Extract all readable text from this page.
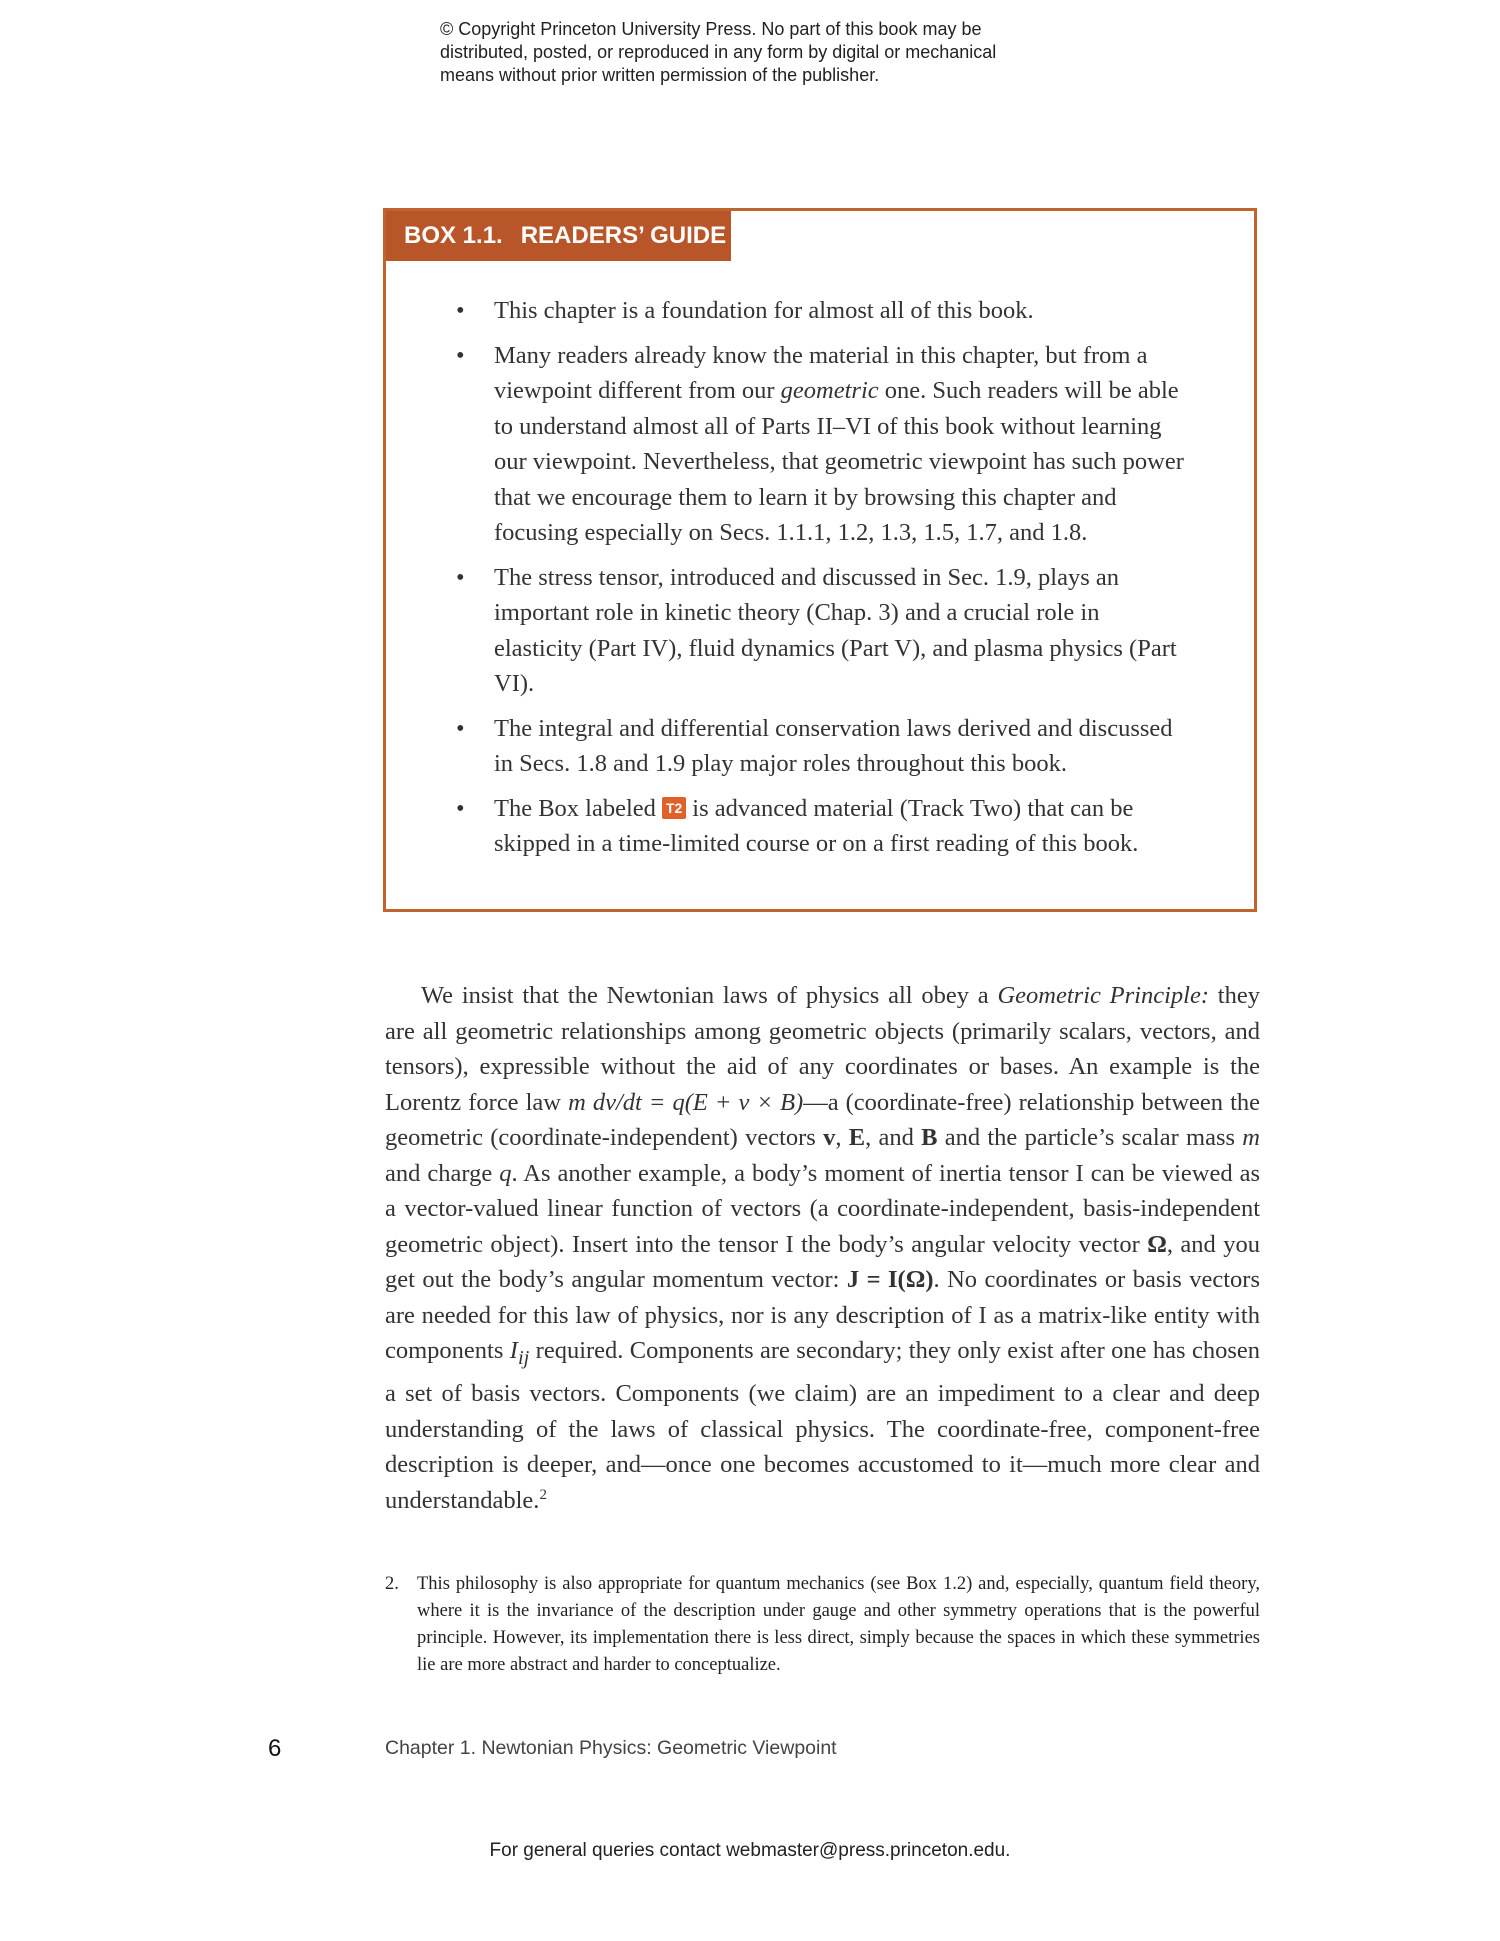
© Copyright Princeton University Press. No part of this book may be
distributed, posted, or reproduced in any form by digital or mechanical
means without prior written permission of the publisher.
BOX 1.1. READERS’ GUIDE
• This chapter is a foundation for almost all of this book.
• Many readers already know the material in this chapter, but from a viewpoint different from our geometric one. Such readers will be able to understand almost all of Parts II–VI of this book without learning our viewpoint. Nevertheless, that geometric viewpoint has such power that we encourage them to learn it by browsing this chapter and focusing especially on Secs. 1.1.1, 1.2, 1.3, 1.5, 1.7, and 1.8.
• The stress tensor, introduced and discussed in Sec. 1.9, plays an important role in kinetic theory (Chap. 3) and a crucial role in elasticity (Part IV), fluid dynamics (Part V), and plasma physics (Part VI).
• The integral and differential conservation laws derived and discussed in Secs. 1.8 and 1.9 play major roles throughout this book.
• The Box labeled T2 is advanced material (Track Two) that can be skipped in a time-limited course or on a first reading of this book.

We insist that the Newtonian laws of physics all obey a Geometric Principle: they are all geometric relationships among geometric objects (primarily scalars, vectors, and tensors), expressible without the aid of any coordinates or bases. An example is the Lorentz force law m dv/dt = q(E + v × B)—a (coordinate-free) relationship between the geometric (coordinate-independent) vectors v, E, and B and the particle’s scalar mass m and charge q. As another example, a body’s moment of inertia tensor I can be viewed as a vector-valued linear function of vectors (a coordinate-independent, basis-independent geometric object). Insert into the tensor I the body’s angular velocity vector Ω, and you get out the body’s angular momentum vector: J = I(Ω). No coordinates or basis vectors are needed for this law of physics, nor is any description of I as a matrix-like entity with components $I_{ij}$ required. Components are secondary; they only exist after one has chosen a set of basis vectors. Components (we claim) are an impediment to a clear and deep understanding of the laws of classical physics. The coordinate-free, component-free description is deeper, and—once one becomes accustomed to it—much more clear and understandable.$^2$

2. This philosophy is also appropriate for quantum mechanics (see Box 1.2) and, especially, quantum field theory, where it is the invariance of the description under gauge and other symmetry operations that is the powerful principle. However, its implementation there is less direct, simply because the spaces in which these symmetries lie are more abstract and harder to conceptualize.

6	Chapter 1. Newtonian Physics: Geometric Viewpoint
For general queries contact webmaster@press.princeton.edu.
